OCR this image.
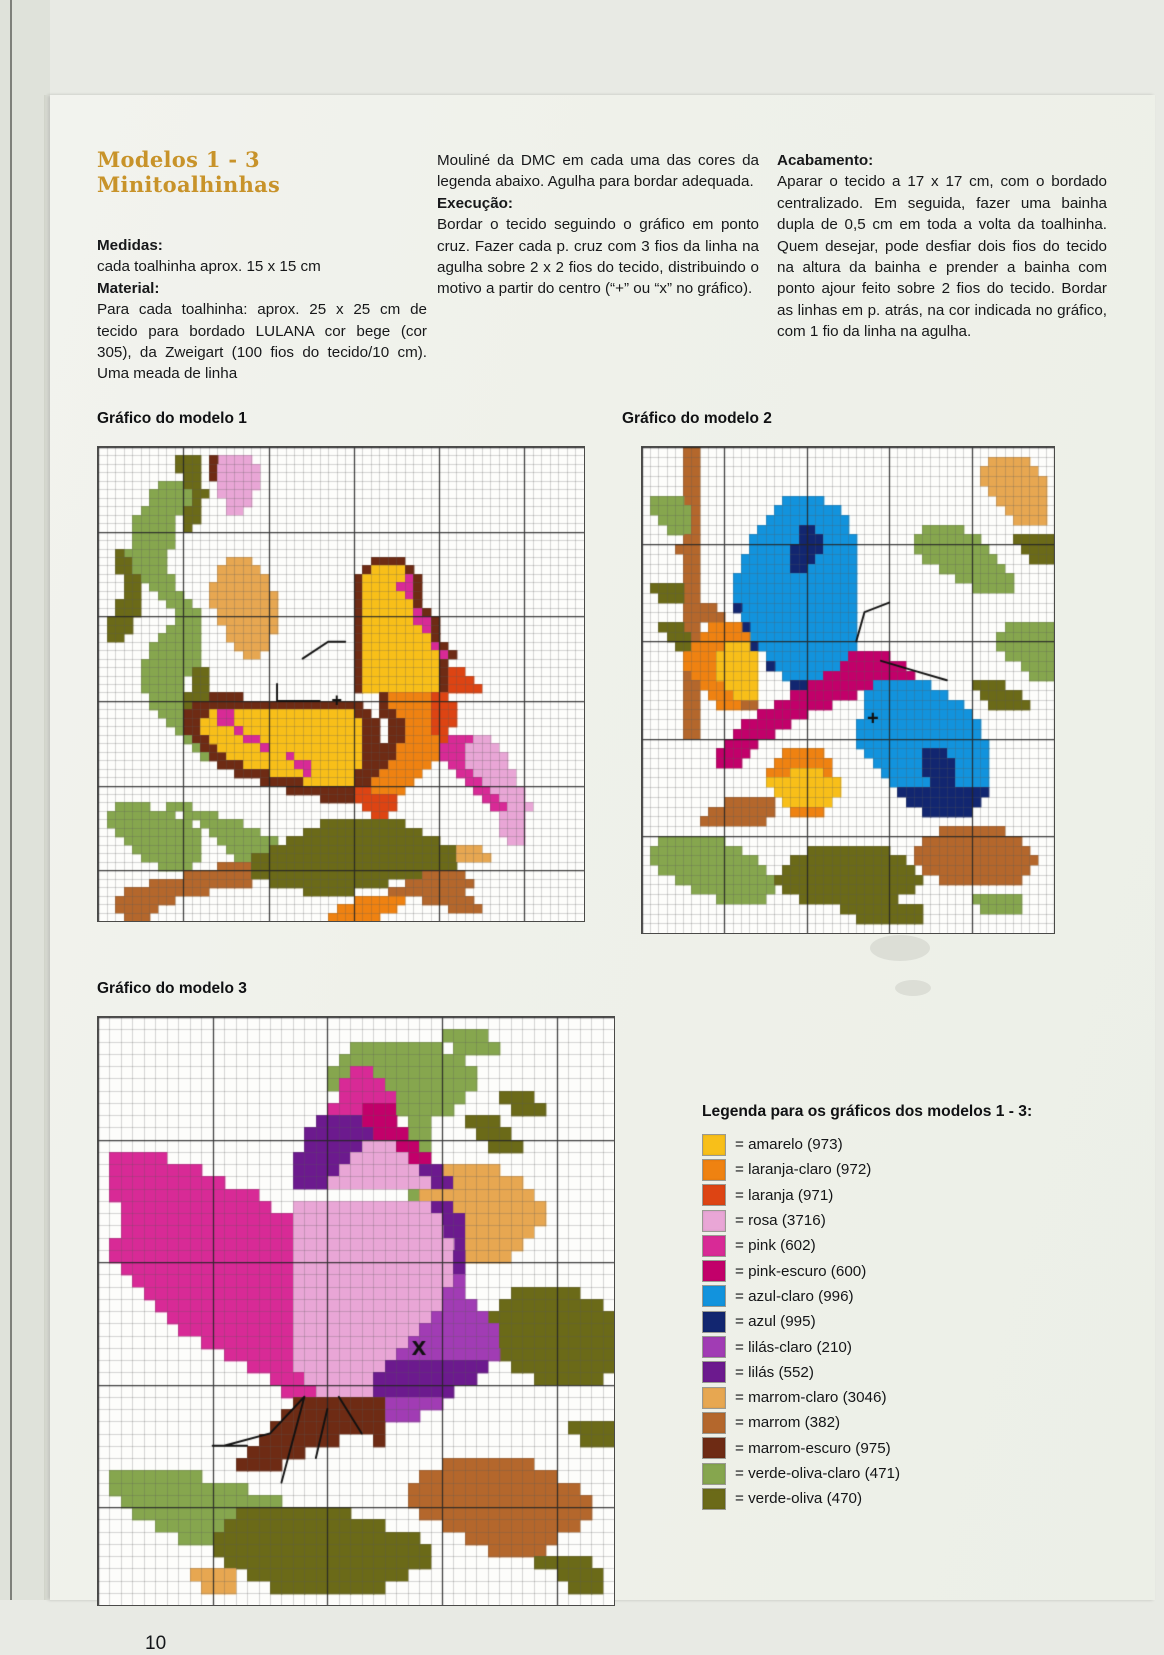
Modelos 1 - 3
Minitoalhinhas

Medidas:

cada toalhinha aprox. 15 x 15 cm

Material:

Para cada toalhinha: aprox. 25 x 25 cm de tecido para bordado LULANA cor bege (cor 305), da Zweigart (100 fios do tecido/10 cm). Uma meada de linha

Mouliné da DMC em cada uma das cores da legenda abaixo. Agulha para bordar adequada.

Execução:

Bordar o tecido seguindo o gráfico em ponto cruz. Fazer cada p. cruz com 3 fios da linha na agulha sobre 2 x 2 fios do tecido, distribuindo o motivo a partir do centro (“+” ou “x” no gráfico).

Acabamento:

Aparar o tecido a 17 x 17 cm, com o bordado centralizado. Em seguida, fazer uma bainha dupla de 0,5 cm em toda a volta da toalhinha. Quem desejar, pode desfiar dois fios do tecido na altura da bainha e prender a bainha com ponto ajour feito sobre 2 fios do tecido. Bordar as linhas em p. atrás, na cor indicada no gráfico, com 1 fio da linha na agulha.

Gráfico do modelo 1	Gráfico do modelo 2
Gráfico do modelo 3
Legenda para os gráficos dos modelos 1 - 3:
= amarelo (973)
= laranja-claro (972)
= laranja (971)
= rosa (3716)
= pink (602)
= pink-escuro (600)
= azul-claro (996)
= azul (995)
= lilás-claro (210)
= lilás (552)
= marrom-claro (3046)
= marrom (382)
= marrom-escuro (975)
= verde-oliva-claro (471)
= verde-oliva (470)
10
